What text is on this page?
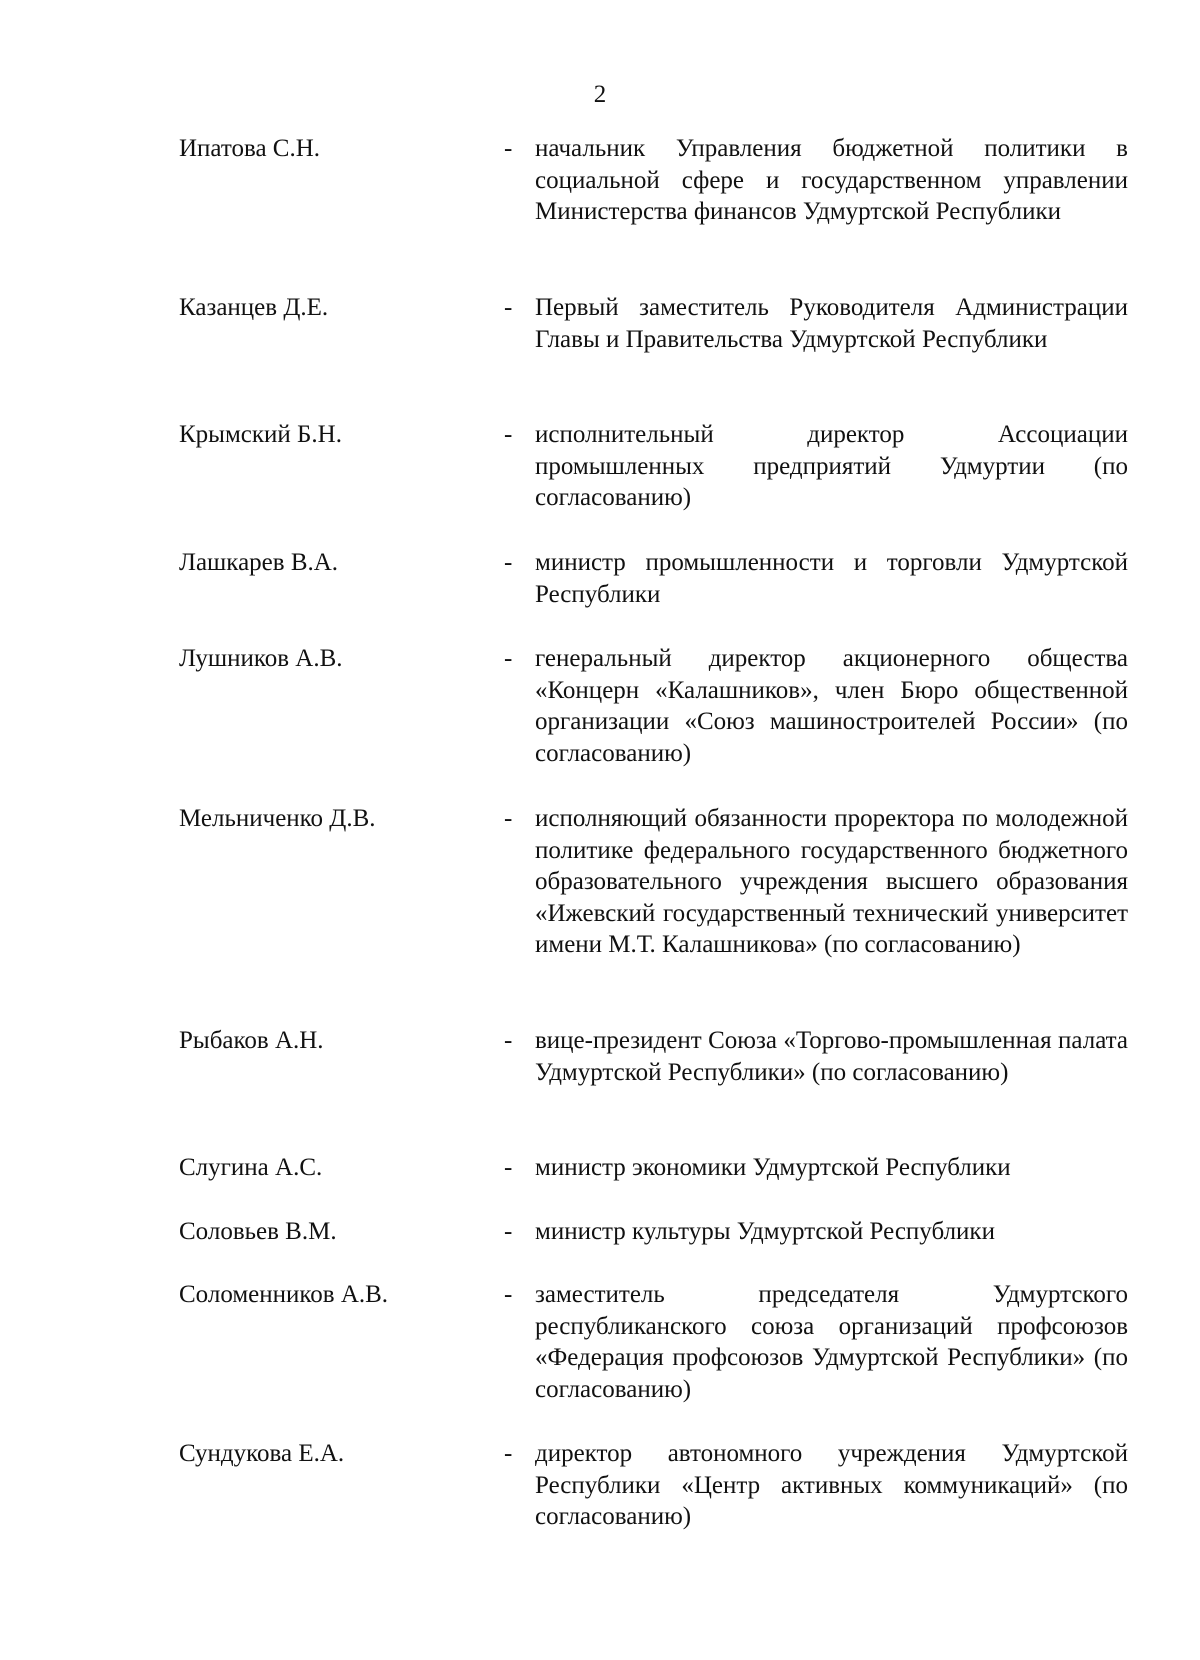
2
Ипатова С.Н.	- начальник Управления бюджетной политики в социальной сфере и государственном управлении Министерства финансов Удмуртской Республики
Казанцев Д.Е.	- Первый заместитель Руководителя Администрации Главы и Правительства Удмуртской Республики
Крымский Б.Н.	- исполнительный директор Ассоциации промышленных предприятий Удмуртии (по согласованию)
Лашкарев В.А.	- министр промышленности и торговли Удмуртской Республики
Лушников А.В.	- генеральный директор акционерного общества «Концерн «Калашников», член Бюро общественной организации «Союз машиностроителей России» (по согласованию)
Мельниченко Д.В.	- исполняющий обязанности проректора по молодежной политике федерального государственного бюджетного образовательного учреждения высшего образования «Ижевский государственный технический университет имени М.Т. Калашникова» (по согласованию)
Рыбаков А.Н.	- вице-президент Союза «Торгово-промышленная палата Удмуртской Республики» (по согласованию)
Слугина А.С.	- министр экономики Удмуртской Республики
Соловьев В.М.	- министр культуры Удмуртской Республики
Соломенников А.В.	- заместитель председателя Удмуртского республиканского союза организаций профсоюзов «Федерация профсоюзов Удмуртской Республики» (по согласованию)
Сундукова Е.А.	- директор автономного учреждения Удмуртской Республики «Центр активных коммуникаций» (по согласованию)
